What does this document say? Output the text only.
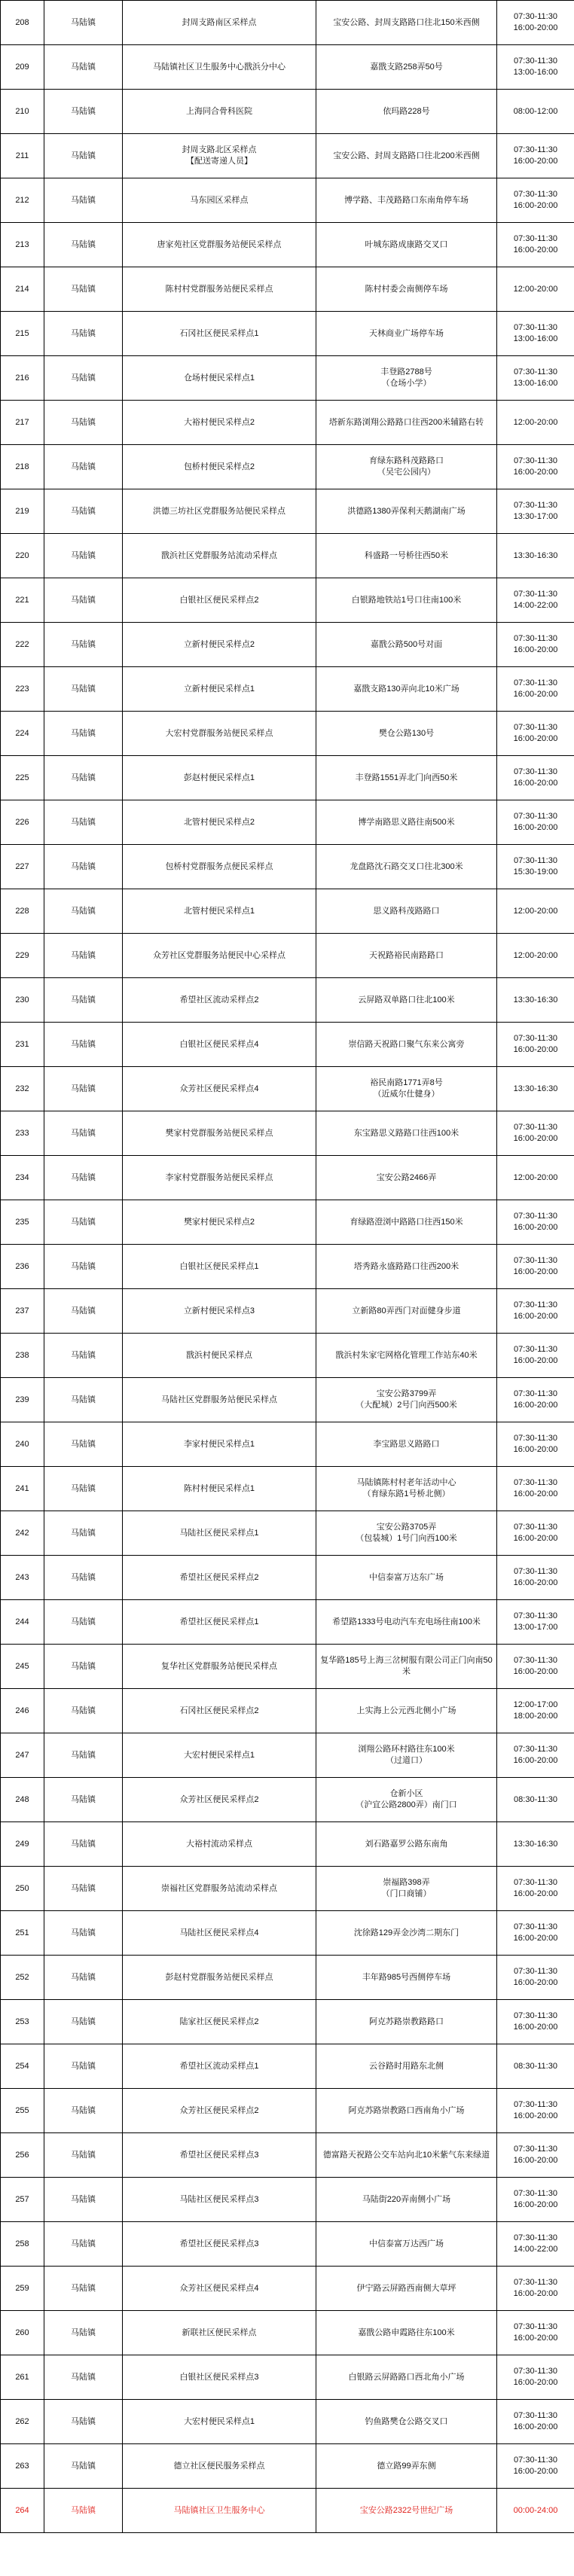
208	马陆镇	封周支路南区采样点	宝安公路、封周支路路口往北150米西侧	07:30-11:30
16:00-20:00
209	马陆镇	马陆镇社区卫生服务中心戬浜分中心	嘉戬支路258弄50号	07:30-11:30
13:00-16:00
210	马陆镇	上海同合骨科医院	依玛路228号	08:00-12:00
211	马陆镇	封周支路北区采样点
【配送寄递人员】	宝安公路、封周支路路口往北200米西侧	07:30-11:30
16:00-20:00
212	马陆镇	马东园区采样点	博学路、丰茂路路口东南角停车场	07:30-11:30
16:00-20:00
213	马陆镇	唐家苑社区党群服务站便民采样点	叶城东路成康路交叉口	07:30-11:30
16:00-20:00
214	马陆镇	陈村村党群服务站便民采样点	陈村村委会南侧停车场	12:00-20:00
215	马陆镇	石冈社区便民采样点1	天林商业广场停车场	07:30-11:30
13:00-16:00
216	马陆镇	仓场村便民采样点1	丰登路2788号
（仓场小学）	07:30-11:30
13:00-16:00
217	马陆镇	大裕村便民采样点2	塔新东路浏翔公路路口往西200米辅路右转	12:00-20:00
218	马陆镇	包桥村便民采样点2	育绿东路科茂路路口
（吴宅公园内）	07:30-11:30
16:00-20:00
219	马陆镇	洪德三坊社区党群服务站便民采样点	洪德路1380弄保利天鹅湖南广场	07:30-11:30
13:30-17:00
220	马陆镇	戬浜社区党群服务站流动采样点	科盛路一号桥往西50米	13:30-16:30
221	马陆镇	白银社区便民采样点2	白银路地铁站1号口往南100米	07:30-11:30
14:00-22:00
222	马陆镇	立新村便民采样点2	嘉戬公路500号对面	07:30-11:30
16:00-20:00
223	马陆镇	立新村便民采样点1	嘉戬支路130弄向北10米广场	07:30-11:30
16:00-20:00
224	马陆镇	大宏村党群服务站便民采样点	樊仓公路130号	07:30-11:30
16:00-20:00
225	马陆镇	彭赵村便民采样点1	丰登路1551弄北门向西50米	07:30-11:30
16:00-20:00
226	马陆镇	北管村便民采样点2	博学南路思义路往南500米	07:30-11:30
16:00-20:00
227	马陆镇	包桥村党群服务点便民采样点	龙盘路沈石路交叉口往北300米	07:30-11:30
15:30-19:00
228	马陆镇	北管村便民采样点1	思义路科茂路路口	12:00-20:00
229	马陆镇	众芳社区党群服务站便民中心采样点	天祝路裕民南路路口	12:00-20:00
230	马陆镇	希望社区流动采样点2	云屏路双单路口往北100米	13:30-16:30
231	马陆镇	白银社区便民采样点4	崇信路天祝路口聚气东来公寓旁	07:30-11:30
16:00-20:00
232	马陆镇	众芳社区便民采样点4	裕民南路1771弄8号
（近威尔仕健身）	13:30-16:30
233	马陆镇	樊家村党群服务站便民采样点	东宝路思义路路口往西100米	07:30-11:30
16:00-20:00
234	马陆镇	李家村党群服务站便民采样点	宝安公路2466弄	12:00-20:00
235	马陆镇	樊家村便民采样点2	育绿路澄浏中路路口往西150米	07:30-11:30
16:00-20:00
236	马陆镇	白银社区便民采样点1	塔秀路永盛路路口往西200米	07:30-11:30
16:00-20:00
237	马陆镇	立新村便民采样点3	立新路80弄西门对面健身步道	07:30-11:30
16:00-20:00
238	马陆镇	戬浜村便民采样点	戬浜村朱家宅网格化管理工作站东40米	07:30-11:30
16:00-20:00
239	马陆镇	马陆社区党群服务站便民采样点	宝安公路3799弄
（大配城）2号门向西500米	07:30-11:30
16:00-20:00
240	马陆镇	李家村便民采样点1	李宝路思义路路口	07:30-11:30
16:00-20:00
241	马陆镇	陈村村便民采样点1	马陆镇陈村村老年活动中心
（育绿东路1号桥北侧）	07:30-11:30
16:00-20:00
242	马陆镇	马陆社区便民采样点1	宝安公路3705弄
（包装城）1号门向西100米	07:30-11:30
16:00-20:00
243	马陆镇	希望社区便民采样点2	中信泰富万达东广场	07:30-11:30
16:00-20:00
244	马陆镇	希望社区便民采样点1	希望路1333号电动汽车充电场往南100米	07:30-11:30
13:00-17:00
245	马陆镇	复华社区党群服务站便民采样点	复华路185号上海三岔树服有限公司正门向南50米	07:30-11:30
16:00-20:00
246	马陆镇	石冈社区便民采样点2	上实海上公元西北侧小广场	12:00-17:00
18:00-20:00
247	马陆镇	大宏村便民采样点1	浏翔公路环村路往东100米
（过道口）	07:30-11:30
16:00-20:00
248	马陆镇	众芳社区便民采样点2	仓新小区
（沪宜公路2800弄）南门口	08:30-11:30
249	马陆镇	大裕村流动采样点	刘石路嘉罗公路东南角	13:30-16:30
250	马陆镇	崇福社区党群服务站流动采样点	崇福路398弄
（门口商铺）	07:30-11:30
16:00-20:00
251	马陆镇	马陆社区便民采样点4	沈徐路129弄金沙湾二期东门	07:30-11:30
16:00-20:00
252	马陆镇	彭赵村党群服务站便民采样点	丰年路985号西侧停车场	07:30-11:30
16:00-20:00
253	马陆镇	陆家社区便民采样点2	阿克苏路崇教路路口	07:30-11:30
16:00-20:00
254	马陆镇	希望社区流动采样点1	云谷路时用路东北侧	08:30-11:30
255	马陆镇	众芳社区便民采样点2	阿克苏路崇教路口西南角小广场	07:30-11:30
16:00-20:00
256	马陆镇	希望社区便民采样点3	德富路天祝路公交车站向北10米紫气东来绿道	07:30-11:30
16:00-20:00
257	马陆镇	马陆社区便民采样点3	马陆街220弄南侧小广场	07:30-11:30
16:00-20:00
258	马陆镇	希望社区便民采样点3	中信泰富万达西广场	07:30-11:30
14:00-22:00
259	马陆镇	众芳社区便民采样点4	伊宁路云屏路西南侧大草坪	07:30-11:30
16:00-20:00
260	马陆镇	新联社区便民采样点	嘉戬公路申霞路往东100米	07:30-11:30
16:00-20:00
261	马陆镇	白银社区便民采样点3	白银路云屏路路口西北角小广场	07:30-11:30
16:00-20:00
262	马陆镇	大宏村便民采样点1	钓鱼路樊仓公路交叉口	07:30-11:30
16:00-20:00
263	马陆镇	德立社区便民服务采样点	德立路99弄东侧	07:30-11:30
16:00-20:00
264	马陆镇	马陆镇社区卫生服务中心	宝安公路2322号世纪广场	00:00-24:00
